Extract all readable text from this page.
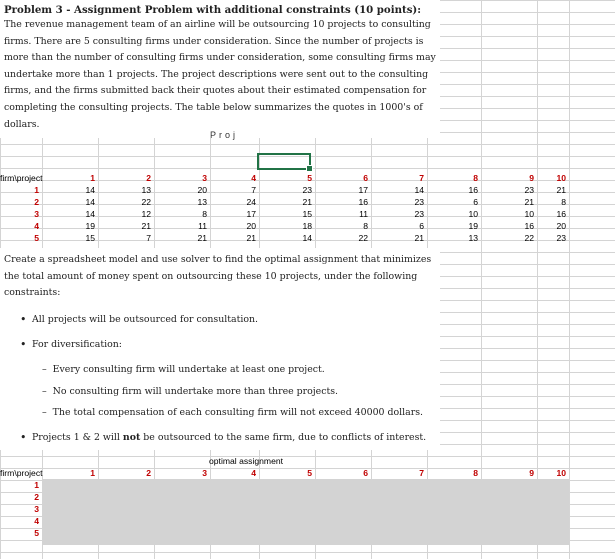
Problem 3 - Assignment Problem with additional constraints (10 points):
The revenue management team of an airline will be outsourcing 10 projects to consulting
firms. There are 5 consulting firms under consideration. Since the number of projects is
more than the number of consulting firms under consideration, some consulting firms may
undertake more than 1 projects. The project descriptions were sent out to the consulting
firms, and the firms submitted back their quotes about their estimated compensation for
completing the consulting projects. The table below summarizes the quotes in 1000's of
dollars.
Proj
firm\project	1	2	3	4	5	6	7	8	9	10
1	14	13	20	7	23	17	14	16	23	21
2	14	22	13	24	21	16	23	6	21	8
3	14	12	8	17	15	11	23	10	10	16
4	19	21	11	20	18	8	6	19	16	20
5	15	7	21	21	14	22	21	13	22	23
Create a spreadsheet model and use solver to find the optimal assignment that minimizes
the total amount of money spent on outsourcing these 10 projects, under the following
constraints:
• All projects will be outsourced for consultation.
• For diversification:
– Every consulting firm will undertake at least one project.
– No consulting firm will undertake more than three projects.
– The total compensation of each consulting firm will not exceed 40000 dollars.
• Projects 1 & 2 will not be outsourced to the same firm, due to conflicts of interest.
optimal assignment
firm\project	1	2	3	4	5	6	7	8	9	10
1
2
3
4
5
